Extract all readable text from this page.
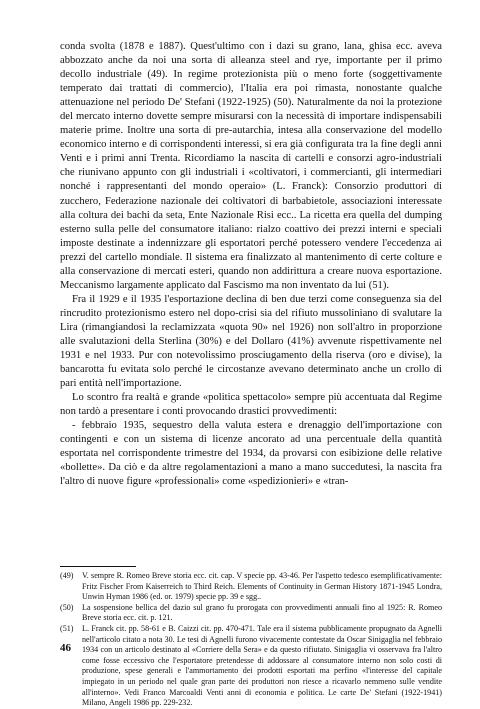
conda svolta (1878 e 1887). Quest'ultimo con i dazi su grano, lana, ghisa ecc. aveva abbozzato anche da noi una sorta di alleanza steel and rye, importante per il primo decollo industriale (49). In regime protezionista più o meno forte (soggettivamente temperato dai trattati di commercio), l'Italia era poi rimasta, nonostante qualche attenuazione nel periodo De' Stefani (1922-1925) (50). Naturalmente da noi la protezione del mercato interno dovette sempre misurarsi con la necessità di importare indispensabili materie prime. Inoltre una sorta di pre-autarchia, intesa alla conservazione del modello economico interno e di corrispondenti interessi, si era già configurata tra la fine degli anni Venti e i primi anni Trenta. Ricordiamo la nascita di cartelli e consorzi agro-industriali che riunivano appunto con gli industriali i «coltivatori, i commercianti, gli intermediari nonché i rappresentanti del mondo operaio» (L. Franck): Consorzio produttori di zucchero, Federazione nazionale dei coltivatori di barbabietole, associazioni interessate alla coltura dei bachi da seta, Ente Nazionale Risi ecc.. La ricetta era quella del dumping esterno sulla pelle del consumatore italiano: rialzo coattivo dei prezzi interni e speciali imposte destinate a indennizzare gli esportatori perché potessero vendere l'eccedenza ai prezzi del cartello mondiale. Il sistema era finalizzato al mantenimento di certe colture e alla conservazione di mercati esteri, quando non addirittura a creare nuova esportazione. Meccanismo largamente applicato dal Fascismo ma non inventato da lui (51).

Fra il 1929 e il 1935 l'esportazione declina di ben due terzi come conseguenza sia del rincrudito protezionismo estero nel dopo-crisi sia del rifiuto mussoliniano di svalutare la Lira (rimangiandosi la reclamizzata «quota 90» nel 1926) non soll'altro in proporzione alle svalutazioni della Sterlina (30%) e del Dollaro (41%) avvenute rispettivamente nel 1931 e nel 1933. Pur con notevolissimo prosciugamento della riserva (oro e divise), la bancarotta fu evitata solo perché le circostanze avevano determinato anche un crollo di pari entità nell'importazione.

Lo scontro fra realtà e grande «politica spettacolo» sempre più accentuata dal Regime non tardò a presentare i conti provocando drastici provvedimenti:

- febbraio 1935, sequestro della valuta estera e drenaggio dell'importazione con contingenti e con un sistema di licenze ancorato ad una percentuale della quantità esportata nel corrispondente trimestre del 1934, da provarsi con esibizione delle relative «bollette». Da ciò e da altre regolamentazioni a mano a mano succedutesi, la nascita fra l'altro di nuove figure «professionali» come «spedizionieri» e «tran-

(49)	V. sempre R. Romeo Breve storia ecc. cit. cap. V specie pp. 43-46. Per l'aspetto tedesco esemplificativamente: Fritz Fischer From Kaiserreich to Third Reich. Elements of Continuity in German History 1871-1945 Londra, Unwin Hyman 1986 (ed. or. 1979) specie pp. 39 e sgg..
(50)	La sospensione bellica del dazio sul grano fu prorogata con provvedimenti annuali fino al 1925: R. Romeo Breve storia ecc. cit. p. 121.
(51)	L. Franck cit. pp. 58-61 e B. Caizzi cit. pp. 470-471. Tale era il sistema pubblicamente propugnato da Agnelli nell'articolo citato a nota 30. Le tesi di Agnelli furono vivacemente contestate da Oscar Sinigaglia nel febbraio 1934 con un articolo destinato al «Corriere della Sera» e da questo rifiutato. Sinigaglia vi osservava fra l'altro come fosse eccessivo che l'esportatore pretendesse di addossare al consumatore interno non solo costi di produzione, spese generali e l'ammortamento dei prodotti esportati ma perfino «l'interesse del capitale impiegato in un periodo nel quale gran parte dei produttori non riesce a ricavarlo nemmeno sulle vendite all'interno». Vedi Franco Marcoaldi Venti anni di economia e politica. Le carte De' Stefani (1922-1941) Milano, Angeli 1986 pp. 229-232.
46
